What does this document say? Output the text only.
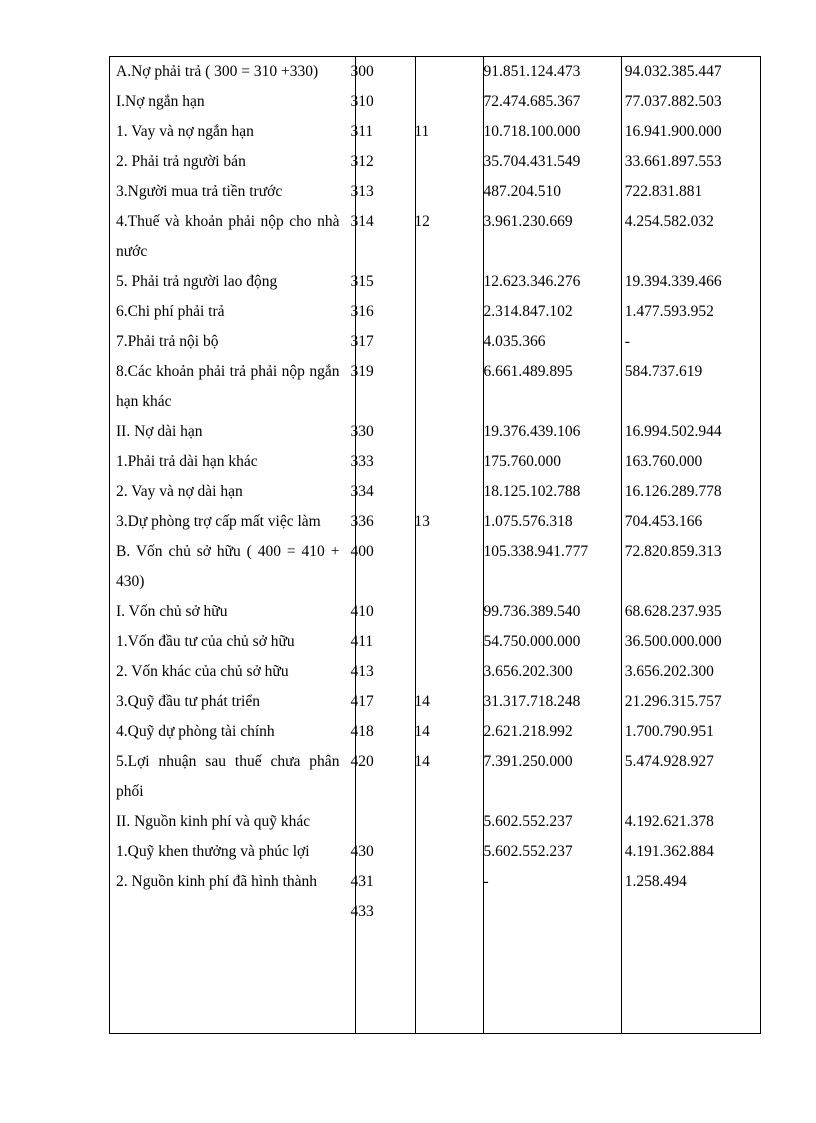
A.Nợ phải trả ( 300 = 310 +330)	300		91.851.124.473	94.032.385.447
I.Nợ ngắn hạn	310		72.474.685.367	77.037.882.503
1. Vay và nợ ngắn hạn	311	11	10.718.100.000	16.941.900.000
2. Phải trả người bán	312		35.704.431.549	33.661.897.553
3.Người mua trả tiền trước	313		487.204.510	722.831.881
4.Thuế và khoản phải nộp cho nhà nước	314	12	3.961.230.669	4.254.582.032
5. Phải trả người lao động	315		12.623.346.276	19.394.339.466
6.Chi phí phải trả	316		2.314.847.102	1.477.593.952
7.Phải trả nội bộ	317		4.035.366	-
8.Các khoản phải trả phải nộp ngắn hạn khác	319		6.661.489.895	584.737.619
II. Nợ dài hạn	330		19.376.439.106	16.994.502.944
1.Phải trả dài hạn khác	333		175.760.000	163.760.000
2. Vay và nợ dài hạn	334		18.125.102.788	16.126.289.778
3.Dự phòng trợ cấp mất việc làm	336	13	1.075.576.318	704.453.166
B. Vốn chủ sở hữu ( 400 = 410 + 430)	400		105.338.941.777	72.820.859.313
I. Vốn chủ sở hữu	410		99.736.389.540	68.628.237.935
1.Vốn đầu tư của chủ sở hữu	411		54.750.000.000	36.500.000.000
2. Vốn khác của chủ sở hữu	413		3.656.202.300	3.656.202.300
3.Quỹ đầu tư phát triển	417	14	31.317.718.248	21.296.315.757
4.Quỹ dự phòng tài chính	418	14	2.621.218.992	1.700.790.951
5.Lợi nhuận sau thuế chưa phân phối	420	14	7.391.250.000	5.474.928.927
II. Nguồn kinh phí và quỹ khác			5.602.552.237	4.192.621.378
1.Quỹ khen thưởng và phúc lợi	430		5.602.552.237	4.191.362.884
2. Nguồn kinh phí đã hình thành	431		-	1.258.494
	433			
